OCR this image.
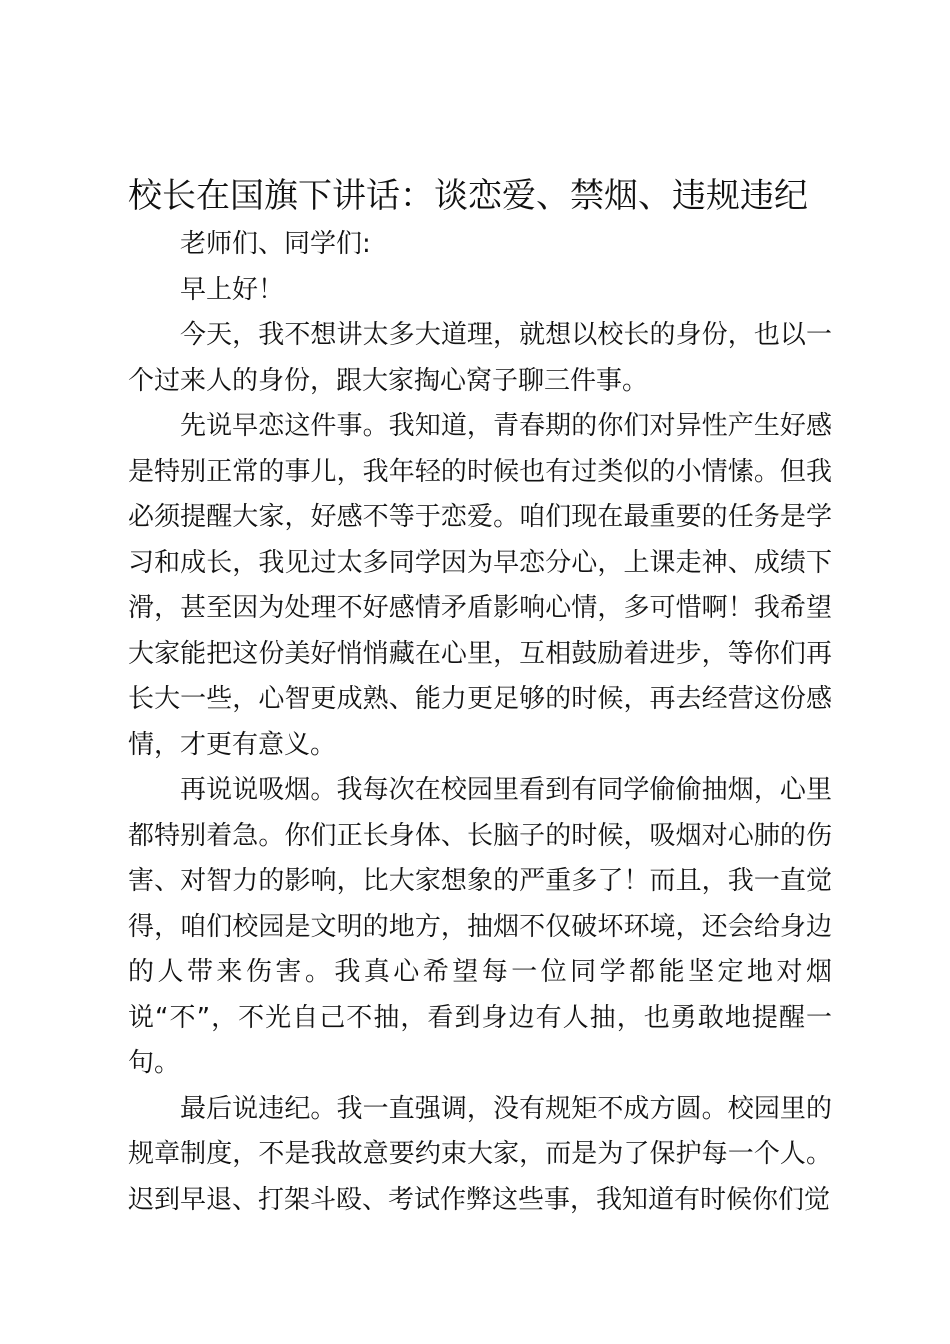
校长在国旗下讲话：谈恋爱、禁烟、违规违纪

老师们、同学们:

早上好！

今天，我不想讲太多大道理，就想以校长的身份，也以一个过来人的身份，跟大家掏心窝子聊三件事。

先说早恋这件事。我知道，青春期的你们对异性产生好感是特别正常的事儿，我年轻的时候也有过类似的小情愫。但我必须提醒大家，好感不等于恋爱。咱们现在最重要的任务是学习和成长，我见过太多同学因为早恋分心，上课走神、成绩下滑，甚至因为处理不好感情矛盾影响心情，多可惜啊！我希望大家能把这份美好悄悄藏在心里，互相鼓励着进步，等你们再长大一些，心智更成熟、能力更足够的时候，再去经营这份感情，才更有意义。

再说说吸烟。我每次在校园里看到有同学偷偷抽烟，心里都特别着急。你们正长身体、长脑子的时候，吸烟对心肺的伤害、对智力的影响，比大家想象的严重多了！而且，我一直觉得，咱们校园是文明的地方，抽烟不仅破坏环境，还会给身边的人带来伤害。我真心希望每一位同学都能坚定地对烟说“不”，不光自己不抽，看到身边有人抽，也勇敢地提醒一句。

最后说违纪。我一直强调，没有规矩不成方圆。校园里的规章制度，不是我故意要约束大家，而是为了保护每一个人。迟到早退、打架斗殴、考试作弊这些事，我知道有时候你们觉
